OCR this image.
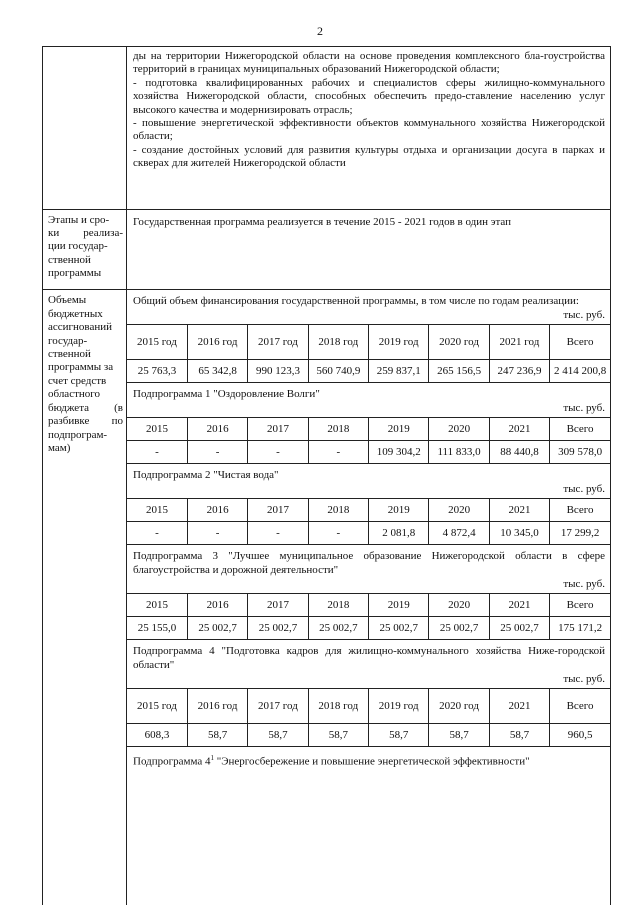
2

ды на территории Нижегородской области на основе проведения комплексного бла-гоустройства территорий в границах муниципальных образований Нижегородской области;

- подготовка квалифицированных рабочих и специалистов сферы жилищно-коммунального хозяйства Нижегородской области, способных обеспечить предо-ставление населению услуг высокого качества и модернизировать отрасль;

- повышение энергетической эффективности объектов коммунального хозяйства Нижегородской области;

- создание достойных условий для развития культуры отдыха и организации досуга в парках и скверах для жителей Нижегородской области

Этапы и сро-
ки реализа-
ции государ-
ственной
программы

Государственная программа реализуется в течение 2015 - 2021 годов в один этап

Объемы
бюджетных
ассигнований
государ-
ственной
программы за
счет средств
областного
бюджета (в
разбивке по
подпрограм-
мам)

Общий объем финансирования государственной программы, в том числе по годам реализации:
тыс. руб.
2015 год	2016 год	2017 год	2018 год	2019 год	2020 год	2021 год	Всего
25 763,3	65 342,8	990 123,3	560 740,9	259 837,1	265 156,5	247 236,9	2 414 200,8
Подпрограмма 1 "Оздоровление Волги"
тыс. руб.
2015	2016	2017	2018	2019	2020	2021	Всего
-	-	-	-	109 304,2	111 833,0	88 440,8	309 578,0
Подпрограмма 2 "Чистая вода"
тыс. руб.
2015	2016	2017	2018	2019	2020	2021	Всего
-	-	-	-	2 081,8	4 872,4	10 345,0	17 299,2
Подпрограмма 3 "Лучшее муниципальное образование Нижегородской области в сфере благоустройства и дорожной деятельности"
тыс. руб.
2015	2016	2017	2018	2019	2020	2021	Всего
25 155,0	25 002,7	25 002,7	25 002,7	25 002,7	25 002,7	25 002,7	175 171,2
Подпрограмма 4 "Подготовка кадров для жилищно-коммунального хозяйства Ниже-городской области"
тыс. руб.
2015 год	2016 год	2017 год	2018 год	2019 год	2020 год	2021	Всего
608,3	58,7	58,7	58,7	58,7	58,7	58,7	960,5
Подпрограмма $4^1$ "Энергосбережение и повышение энергетической эффективности"
